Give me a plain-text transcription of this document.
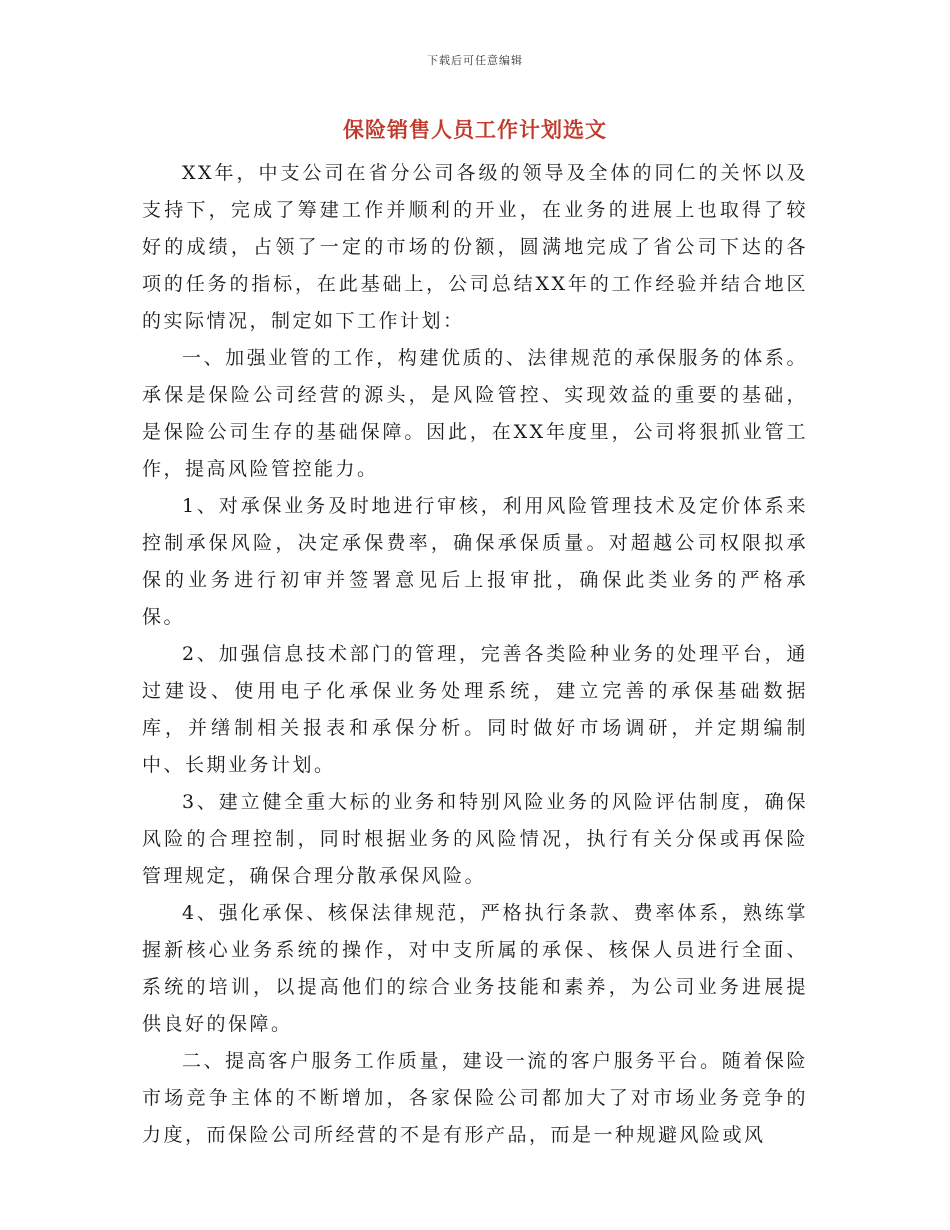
下载后可任意编辑
保险销售人员工作计划选文

XX年，中支公司在省分公司各级的领导及全体的同仁的关怀以及支持下，完成了筹建工作并顺利的开业，在业务的进展上也取得了较好的成绩，占领了一定的市场的份额，圆满地完成了省公司下达的各项的任务的指标，在此基础上，公司总结XX年的工作经验并结合地区的实际情况，制定如下工作计划：

一、加强业管的工作，构建优质的、法律规范的承保服务的体系。承保是保险公司经营的源头，是风险管控、实现效益的重要的基础，是保险公司生存的基础保障。因此，在XX年度里，公司将狠抓业管工作，提高风险管控能力。

1、对承保业务及时地进行审核，利用风险管理技术及定价体系来控制承保风险，决定承保费率，确保承保质量。对超越公司权限拟承保的业务进行初审并签署意见后上报审批，确保此类业务的严格承保。

2、加强信息技术部门的管理，完善各类险种业务的处理平台，通过建设、使用电子化承保业务处理系统，建立完善的承保基础数据库，并缮制相关报表和承保分析。同时做好市场调研，并定期编制中、长期业务计划。

3、建立健全重大标的业务和特别风险业务的风险评估制度，确保风险的合理控制，同时根据业务的风险情况，执行有关分保或再保险管理规定，确保合理分散承保风险。

4、强化承保、核保法律规范，严格执行条款、费率体系，熟练掌握新核心业务系统的操作，对中支所属的承保、核保人员进行全面、系统的培训，以提高他们的综合业务技能和素养，为公司业务进展提供良好的保障。

二、提高客户服务工作质量，建设一流的客户服务平台。随着保险市场竞争主体的不断增加，各家保险公司都加大了对市场业务竞争的力度，而保险公司所经营的不是有形产品，而是一种规避风险或风
